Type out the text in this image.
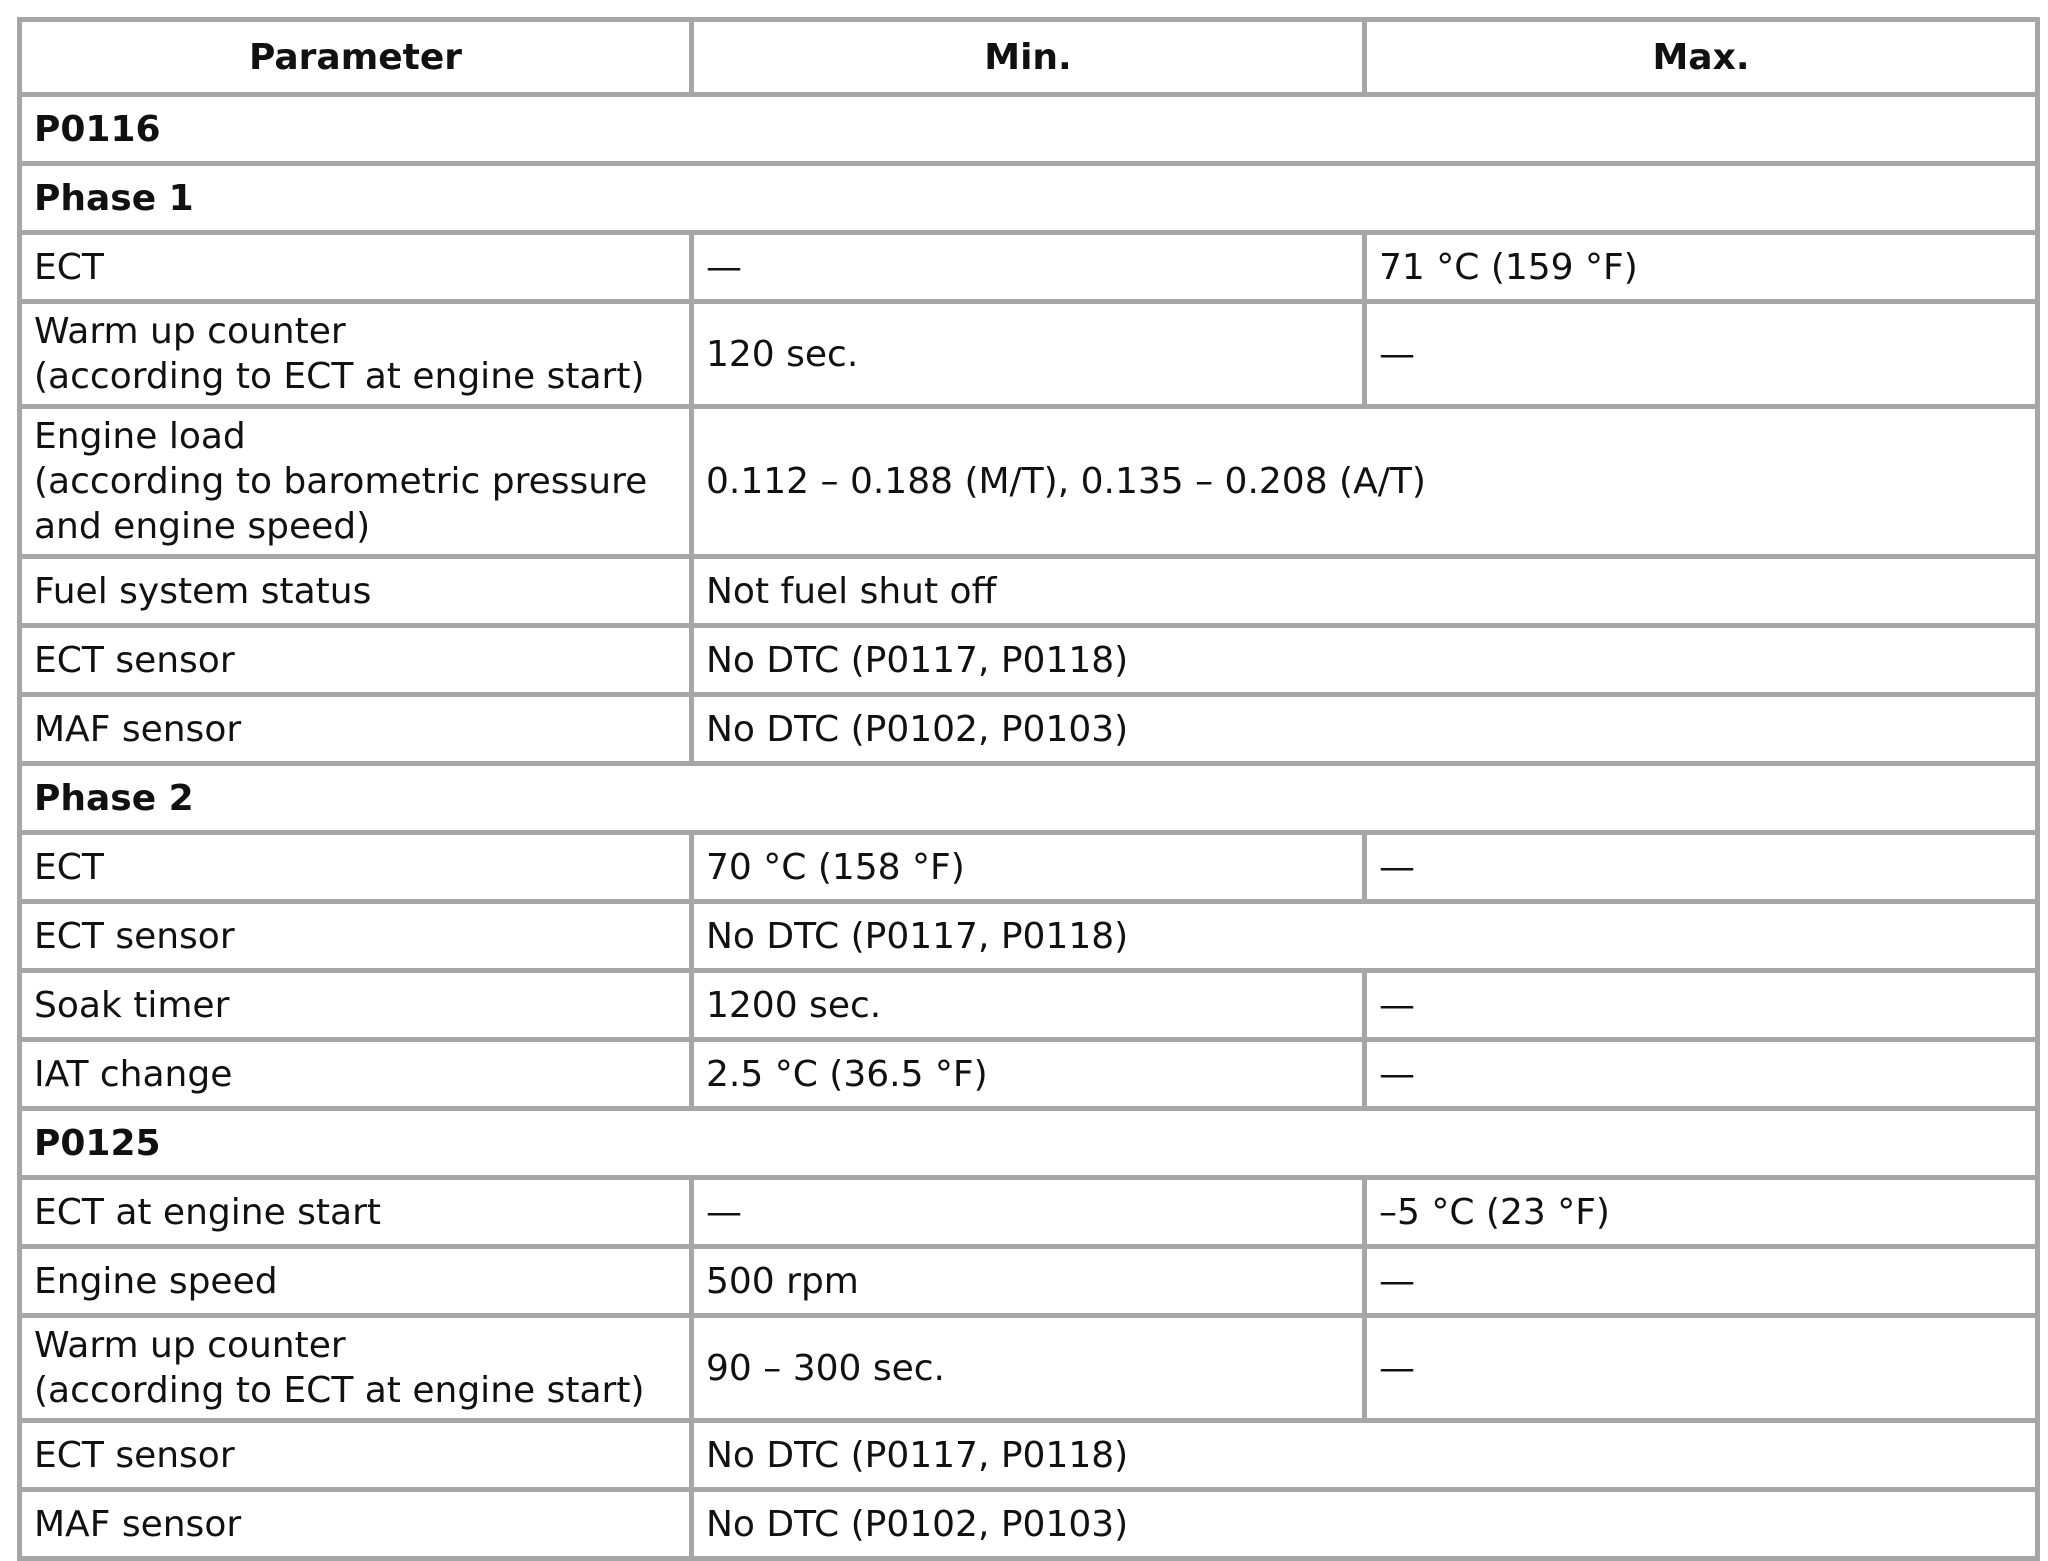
Parameter	Min.	Max.
P0116		
Phase 1		

ECT	—	71 °C (159 °F)

Warm up counter
(according to ECT at engine start)	120 sec.	—

Engine load
(according to barometric pressure
and engine speed)	0.112 – 0.188 (M/T), 0.135 – 0.208 (A/T)	

Fuel system status	Not fuel shut off	

ECT sensor	No DTC (P0117, P0118)	

MAF sensor	No DTC (P0102, P0103)	
Phase 2		

ECT	70 °C (158 °F)	—

ECT sensor	No DTC (P0117, P0118)	

Soak timer	1200 sec.	—

IAT change	2.5 °C (36.5 °F)	—
P0125		

ECT at engine start	—	–5 °C (23 °F)

Engine speed	500 rpm	—

Warm up counter
(according to ECT at engine start)	90 – 300 sec.	—

ECT sensor	No DTC (P0117, P0118)	

MAF sensor	No DTC (P0102, P0103)	
